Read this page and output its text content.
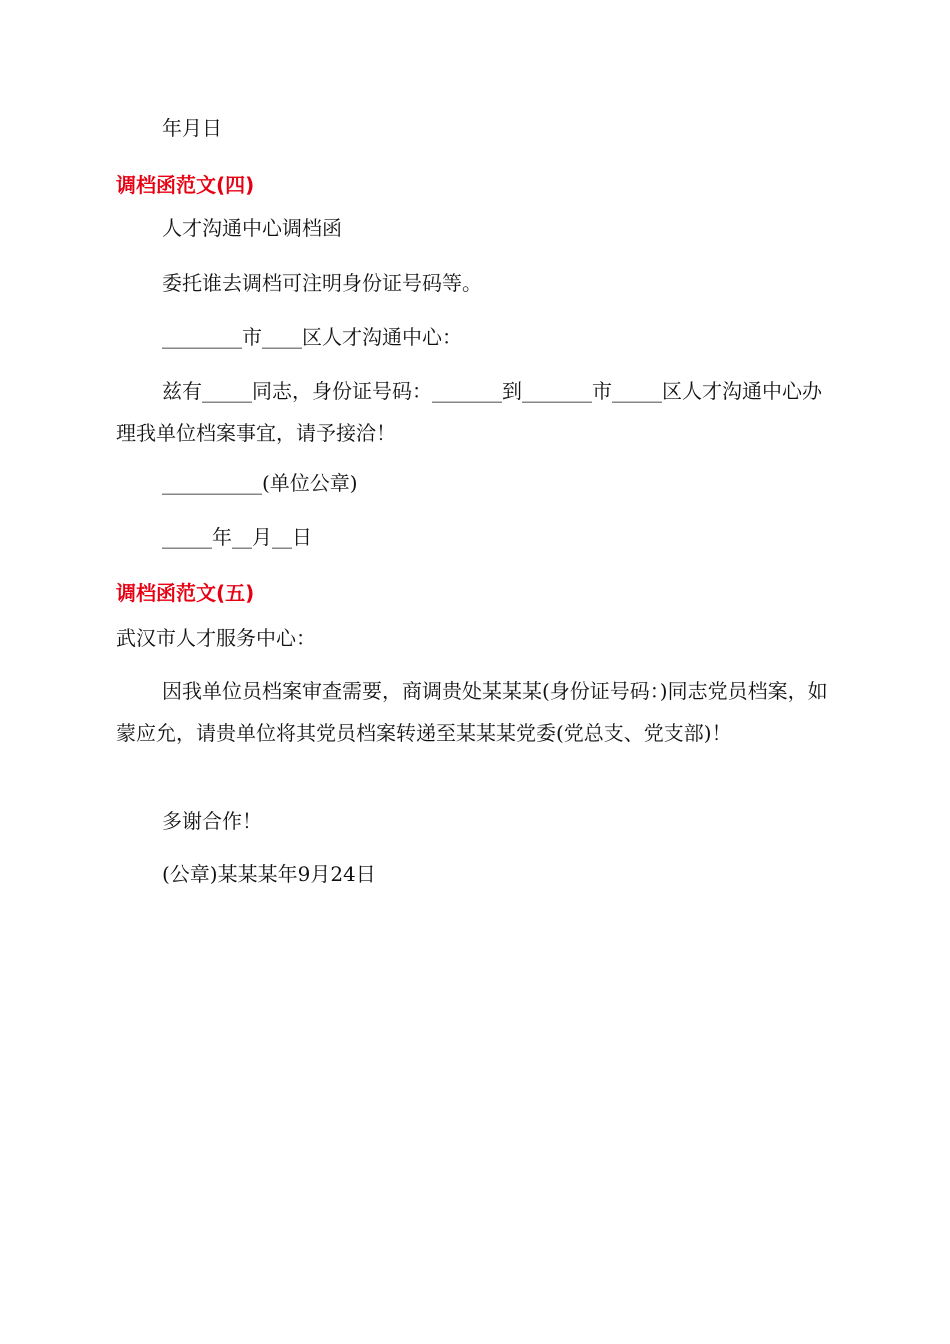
年月日

调档函范文(四)

人才沟通中心调档函

委托谁去调档可注明身份证号码等。

________市____区人才沟通中心：

兹有_____同志，身份证号码：_______到_______市_____区人才沟通中心办理我单位档案事宜，请予接洽！

__________(单位公章)

_____年__月__日

调档函范文(五)

武汉市人才服务中心：

因我单位员档案审查需要，商调贵处某某某(身份证号码：)同志党员档案，如蒙应允，请贵单位将其党员档案转递至某某某党委(党总支、党支部)！

多谢合作！

(公章)某某某年9月24日
